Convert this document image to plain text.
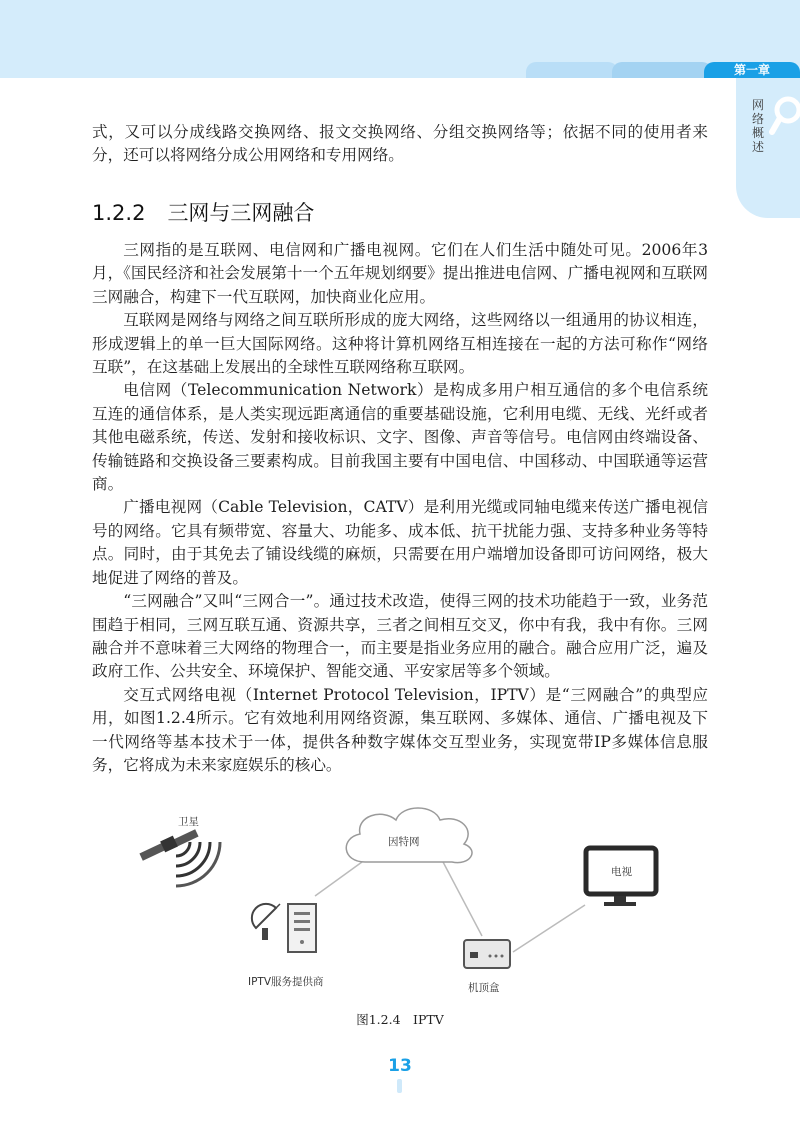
第一章
网络概述
式，又可以分成线路交换网络、报文交换网络、分组交换网络等；依据不同的使用者来分，还可以将网络分成公用网络和专用网络。
1.2.2 三网与三网融合

三网指的是互联网、电信网和广播电视网。它们在人们生活中随处可见。2006年3月，《国民经济和社会发展第十一个五年规划纲要》提出推进电信网、广播电视网和互联网三网融合，构建下一代互联网，加快商业化应用。

互联网是网络与网络之间互联所形成的庞大网络，这些网络以一组通用的协议相连，形成逻辑上的单一巨大国际网络。这种将计算机网络互相连接在一起的方法可称作“网络互联”，在这基础上发展出的全球性互联网络称互联网。

电信网（Telecommunication Network）是构成多用户相互通信的多个电信系统互连的通信体系，是人类实现远距离通信的重要基础设施，它利用电缆、无线、光纤或者其他电磁系统，传送、发射和接收标识、文字、图像、声音等信号。电信网由终端设备、传输链路和交换设备三要素构成。目前我国主要有中国电信、中国移动、中国联通等运营商。

广播电视网（Cable Television，CATV）是利用光缆或同轴电缆来传送广播电视信号的网络。它具有频带宽、容量大、功能多、成本低、抗干扰能力强、支持多种业务等特点。同时，由于其免去了铺设线缆的麻烦，只需要在用户端增加设备即可访问网络，极大地促进了网络的普及。

“三网融合”又叫“三网合一”。通过技术改造，使得三网的技术功能趋于一致，业务范围趋于相同，三网互联互通、资源共享，三者之间相互交叉，你中有我，我中有你。三网融合并不意味着三大网络的物理合一，而主要是指业务应用的融合。融合应用广泛，遍及政府工作、公共安全、环境保护、智能交通、平安家居等多个领域。

交互式网络电视（Internet Protocol Television，IPTV）是“三网融合”的典型应用，如图1.2.4所示。它有效地利用网络资源，集互联网、多媒体、通信、广播电视及下一代网络等基本技术于一体，提供各种数字媒体交互型业务，实现宽带IP多媒体信息服务，它将成为未来家庭娱乐的核心。

卫星
因特网
电视
IPTV服务提供商	机顶盒
图1.2.4　IPTV
13
